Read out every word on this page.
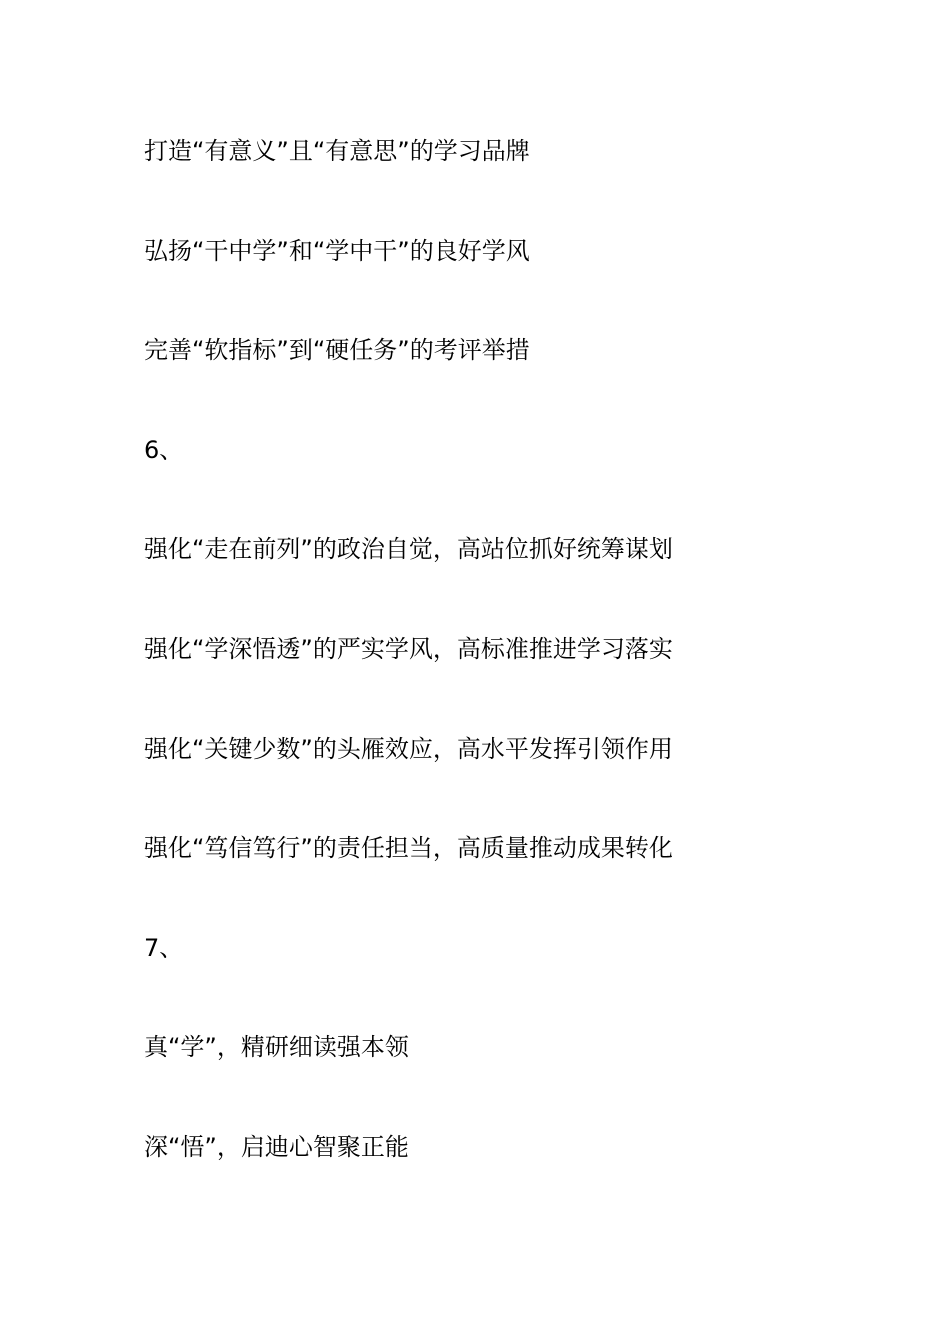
打造“有意义”且“有意思”的学习品牌
弘扬“干中学”和“学中干”的良好学风
完善“软指标”到“硬任务”的考评举措
6、
强化“走在前列”的政治自觉，高站位抓好统筹谋划
强化“学深悟透”的严实学风，高标准推进学习落实
强化“关键少数”的头雁效应，高水平发挥引领作用
强化“笃信笃行”的责任担当，高质量推动成果转化
7、
真“学”，精研细读强本领
深“悟”，启迪心智聚正能
